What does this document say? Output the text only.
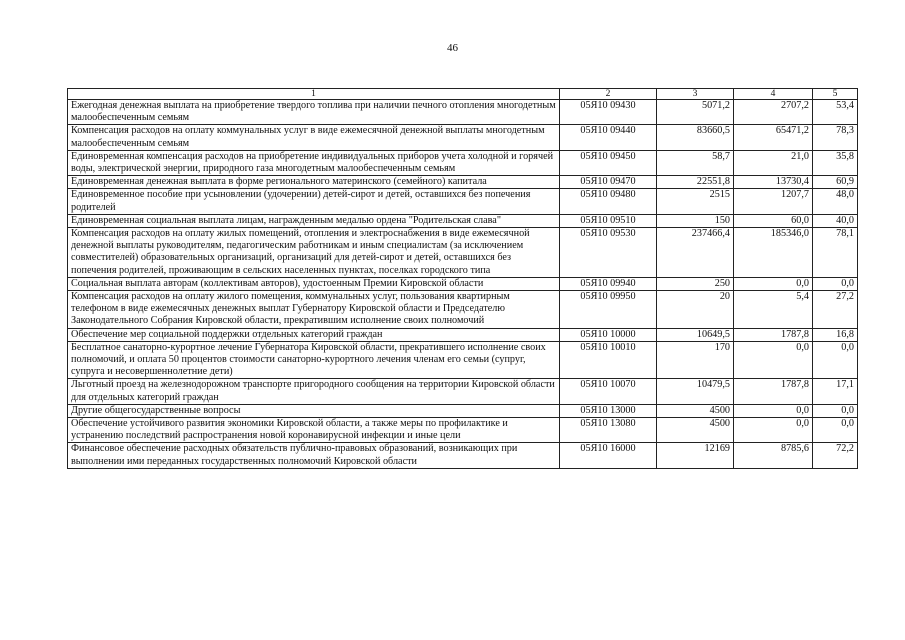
46
1	2	3	4	5
Ежегодная денежная выплата на приобретение твердого топлива при наличии печного отопления многодетным малообеспеченным семьям	05Я10 09430	5071,2	2707,2	53,4
Компенсация расходов на оплату коммунальных услуг в виде ежемесячной денежной выплаты многодетным малообеспеченным семьям	05Я10 09440	83660,5	65471,2	78,3
Единовременная компенсация расходов на приобретение индивидуальных приборов учета холодной и горячей воды, электрической энергии, природного газа многодетным малообеспеченным семьям	05Я10 09450	58,7	21,0	35,8
Единовременная денежная выплата в форме регионального материнского (семейного) капитала	05Я10 09470	22551,8	13730,4	60,9
Единовременное пособие при усыновлении (удочерении) детей-сирот и детей, оставшихся без попечения родителей	05Я10 09480	2515	1207,7	48,0
Единовременная социальная выплата лицам, награжденным медалью ордена "Родительская слава"	05Я10 09510	150	60,0	40,0
Компенсация расходов на оплату жилых помещений, отопления и электроснабжения в виде ежемесячной денежной выплаты руководителям, педагогическим работникам и иным специалистам (за исключением совместителей) образовательных организаций, организаций для детей-сирот и детей, оставшихся без попечения родителей, проживающим в сельских населенных пунктах, поселках городского типа	05Я10 09530	237466,4	185346,0	78,1
Социальная выплата авторам (коллективам авторов), удостоенным Премии Кировской области	05Я10 09940	250	0,0	0,0
Компенсация расходов на оплату жилого помещения, коммунальных услуг, пользования квартирным телефоном в виде ежемесячных денежных выплат Губернатору Кировской области и Председателю Законодательного Собрания Кировской области, прекратившим исполнение своих полномочий	05Я10 09950	20	5,4	27,2
Обеспечение мер социальной поддержки отдельных категорий граждан	05Я10 10000	10649,5	1787,8	16,8
Бесплатное санаторно-курортное лечение Губернатора Кировской области, прекратившего исполнение своих полномочий, и оплата 50 процентов стоимости санаторно-курортного лечения членам его семьи (супруг, супруга и несовершеннолетние дети)	05Я10 10010	170	0,0	0,0
Льготный проезд на железнодорожном транспорте пригородного сообщения на территории Кировской области для отдельных категорий граждан	05Я10 10070	10479,5	1787,8	17,1
Другие общегосударственные вопросы	05Я10 13000	4500	0,0	0,0
Обеспечение устойчивого развития экономики Кировской области, а также меры по профилактике и устранению последствий распространения новой коронавирусной инфекции и иные цели	05Я10 13080	4500	0,0	0,0
Финансовое обеспечение расходных обязательств публично-правовых образований, возникающих при выполнении ими переданных государственных полномочий Кировской области	05Я10 16000	12169	8785,6	72,2
